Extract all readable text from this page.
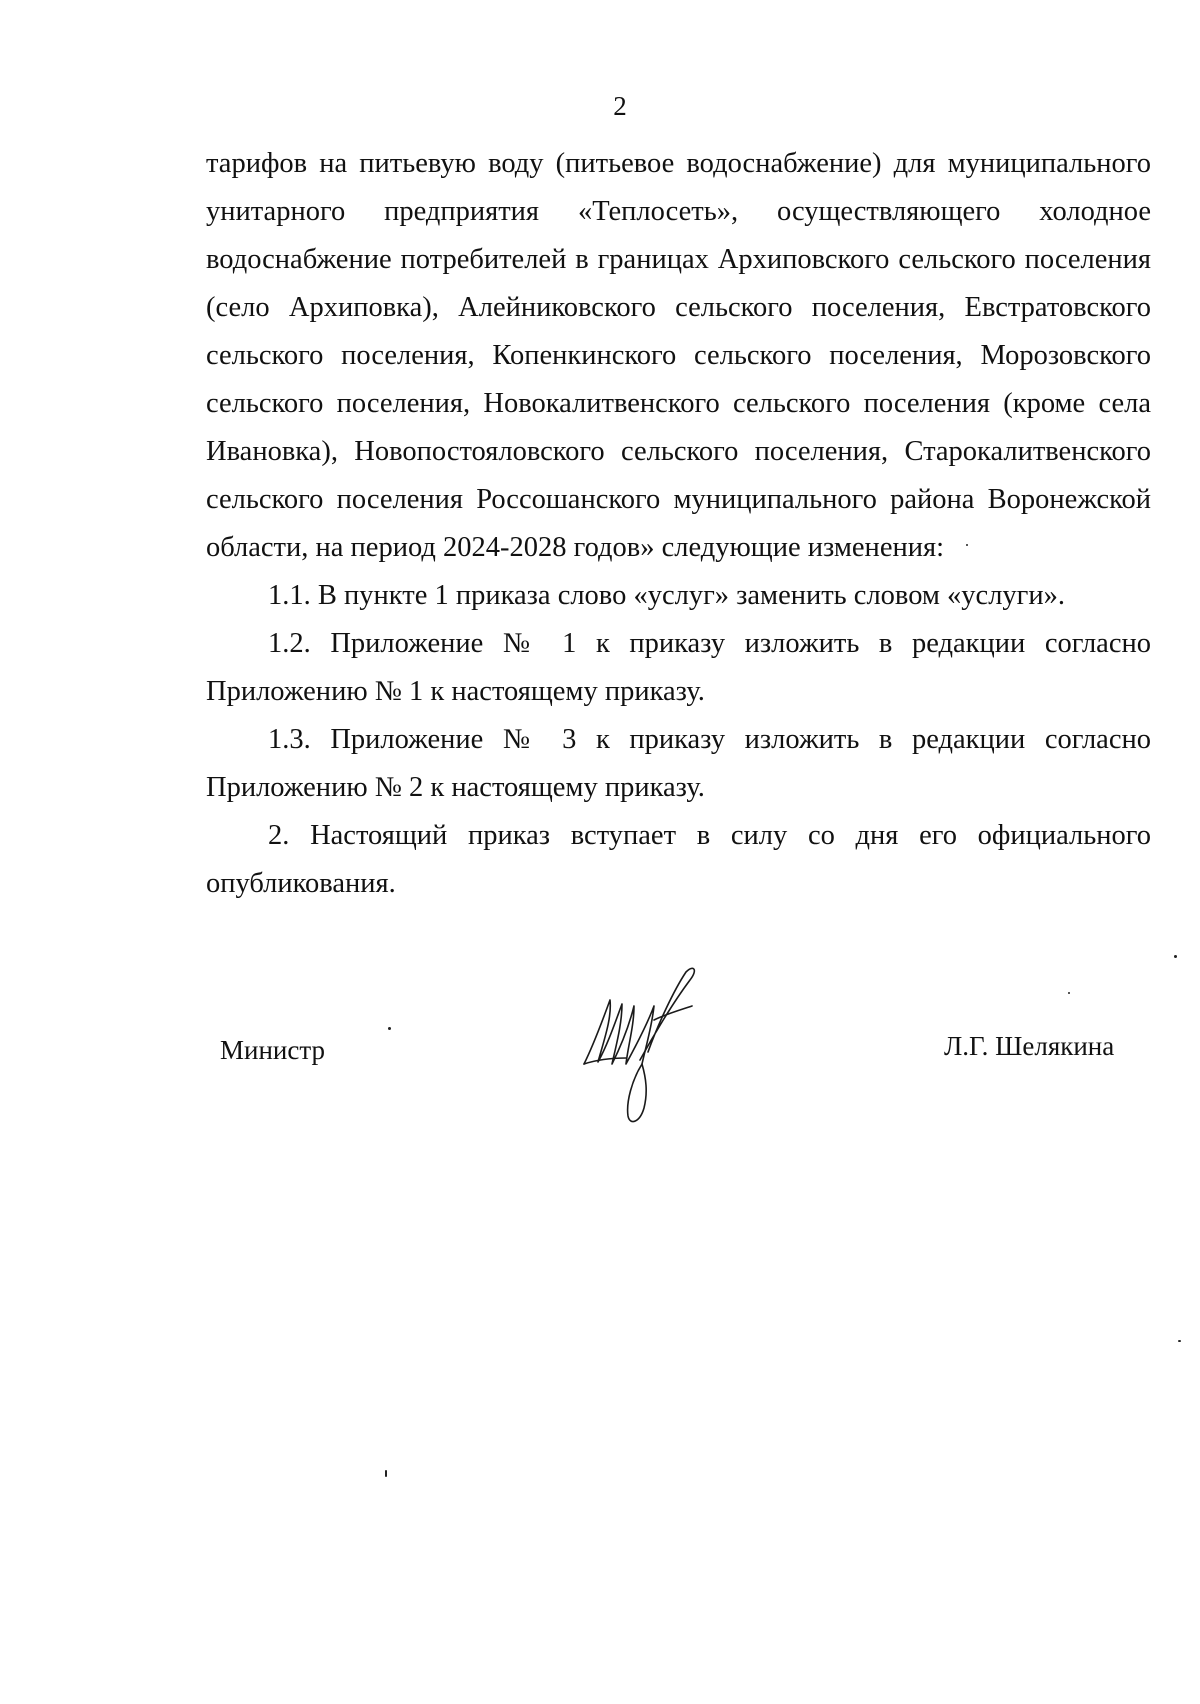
2

тарифов на питьевую воду (питьевое водоснабжение) для муниципального унитарного предприятия «Теплосеть», осуществляющего холодное водоснабжение потребителей в границах Архиповского сельского поселения (село Архиповка), Алейниковского сельского поселения, Евстратовского сельского поселения, Копенкинского сельского поселения, Морозовского сельского поселения, Новокалитвенского сельского поселения (кроме села Ивановка), Новопостояловского сельского поселения, Старокалитвенского сельского поселения Россошанского муниципального района Воронежской области, на период 2024-2028 годов» следующие изменения:

1.1. В пункте 1 приказа слово «услуг» заменить словом «услуги».

1.2. Приложение № 1 к приказу изложить в редакции согласно Приложению № 1 к настоящему приказу.

1.3. Приложение № 3 к приказу изложить в редакции согласно Приложению № 2 к настоящему приказу.

2. Настоящий приказ вступает в силу со дня его официального опубликования.

Министр	Л.Г. Шелякина
